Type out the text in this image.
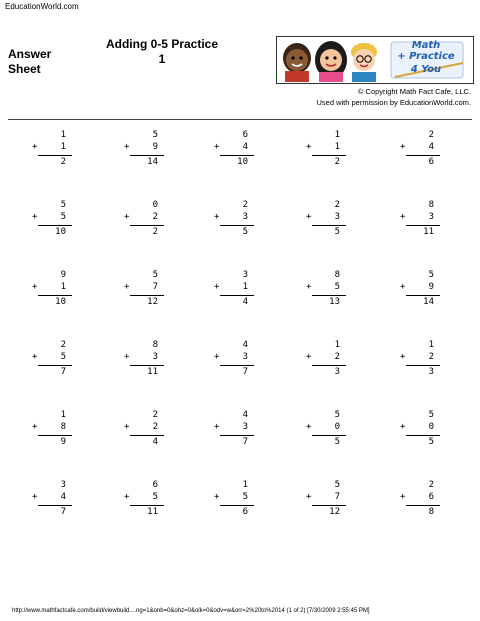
EducationWorld.com
Answer
Sheet
Adding 0-5 Practice
1
Math
+ Practice
4 You
© Copyright Math Fact Cafe, LLC.
Used with permission by EducationWorld.com.
1
+	1
2
5
+	9
14
6
+	4
10
1
+	1
2
2
+	4
6
5
+	5
10
0
+	2
2
2
+	3
5
2
+	3
5
8
+	3
11
9
+	1
10
5
+	7
12
3
+	1
4
8
+	5
13
5
+	9
14
2
+	5
7
8
+	3
11
4
+	3
7
1
+	2
3
1
+	2
3
1
+	8
9
2
+	2
4
4
+	3
7
5
+	0
5
5
+	0
5
3
+	4
7
6
+	5
11
1
+	5
6
5
+	7
12
2
+	6
8
http://www.mathfactcafe.com/build/viewbuild....ng=1&onb=0&ohz=0&olk=0&odv=w&orr=2%20to%2014 (1 of 2) [7/30/2009 2:55:45 PM]
